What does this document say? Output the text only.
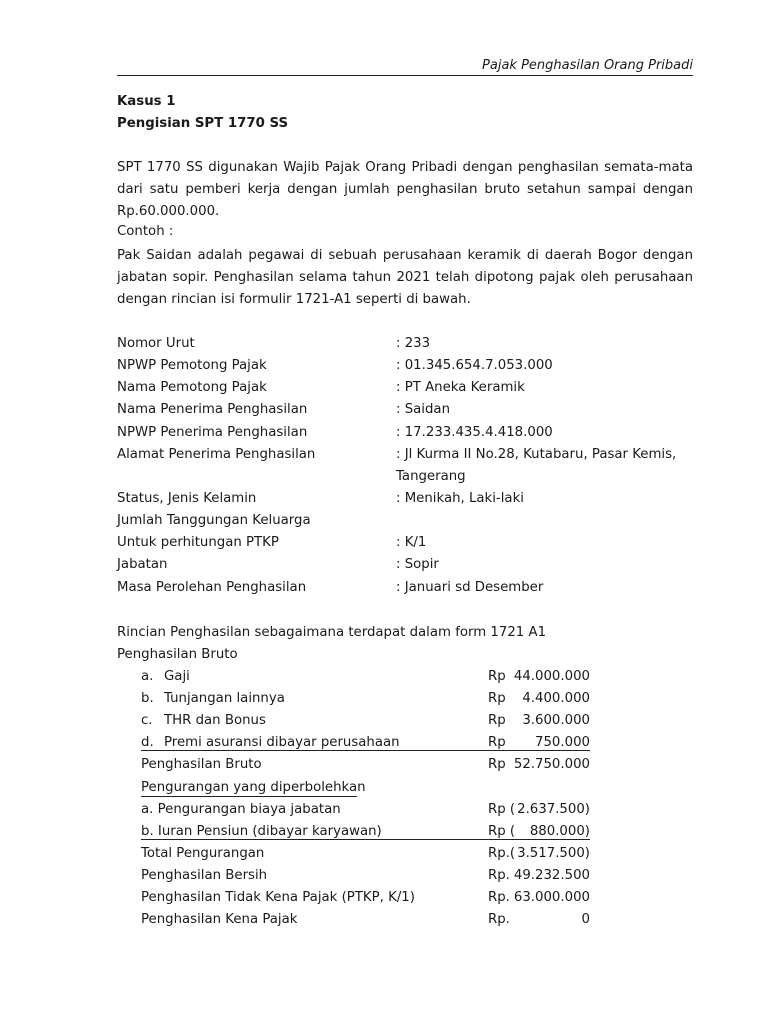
Pajak Penghasilan Orang Pribadi
Kasus 1
Pengisian SPT 1770 SS
SPT 1770 SS digunakan Wajib Pajak Orang Pribadi dengan penghasilan semata-mata dari satu pemberi kerja dengan jumlah penghasilan bruto setahun sampai dengan Rp.60.000.000.
Contoh :
Pak Saidan adalah pegawai di sebuah perusahaan keramik di daerah Bogor dengan jabatan sopir. Penghasilan selama tahun 2021 telah dipotong pajak oleh perusahaan dengan rincian isi formulir 1721-A1 seperti di bawah.
Nomor Urut	: 233
NPWP Pemotong Pajak	: 01.345.654.7.053.000
Nama Pemotong Pajak	: PT Aneka Keramik
Nama Penerima Penghasilan	: Saidan
NPWP Penerima Penghasilan	: 17.233.435.4.418.000
Alamat Penerima Penghasilan	: Jl Kurma II No.28, Kutabaru, Pasar Kemis,
Tangerang
Status, Jenis Kelamin	: Menikah, Laki-laki
Jumlah Tanggungan Keluarga
Untuk perhitungan PTKP	: K/1
Jabatan	: Sopir
Masa Perolehan Penghasilan	: Januari sd Desember
Rincian Penghasilan sebagaimana terdapat dalam form 1721 A1
Penghasilan Bruto
a. Gaji	Rp 44.000.000
b. Tunjangan lainnya	Rp 4.400.000
c. THR dan Bonus	Rp 3.600.000
d. Premi asuransi dibayar perusahaan	Rp 750.000
Penghasilan Bruto	Rp 52.750.000
Pengurangan yang diperbolehkan
a. Pengurangan biaya jabatan	Rp ( 2.637.500)
b. Iuran Pensiun (dibayar karyawan)	Rp ( 880.000)
Total Pengurangan	Rp.( 3.517.500)
Penghasilan Bersih	Rp. 49.232.500
Penghasilan Tidak Kena Pajak (PTKP, K/1)	Rp. 63.000.000
Penghasilan Kena Pajak	Rp.	0
